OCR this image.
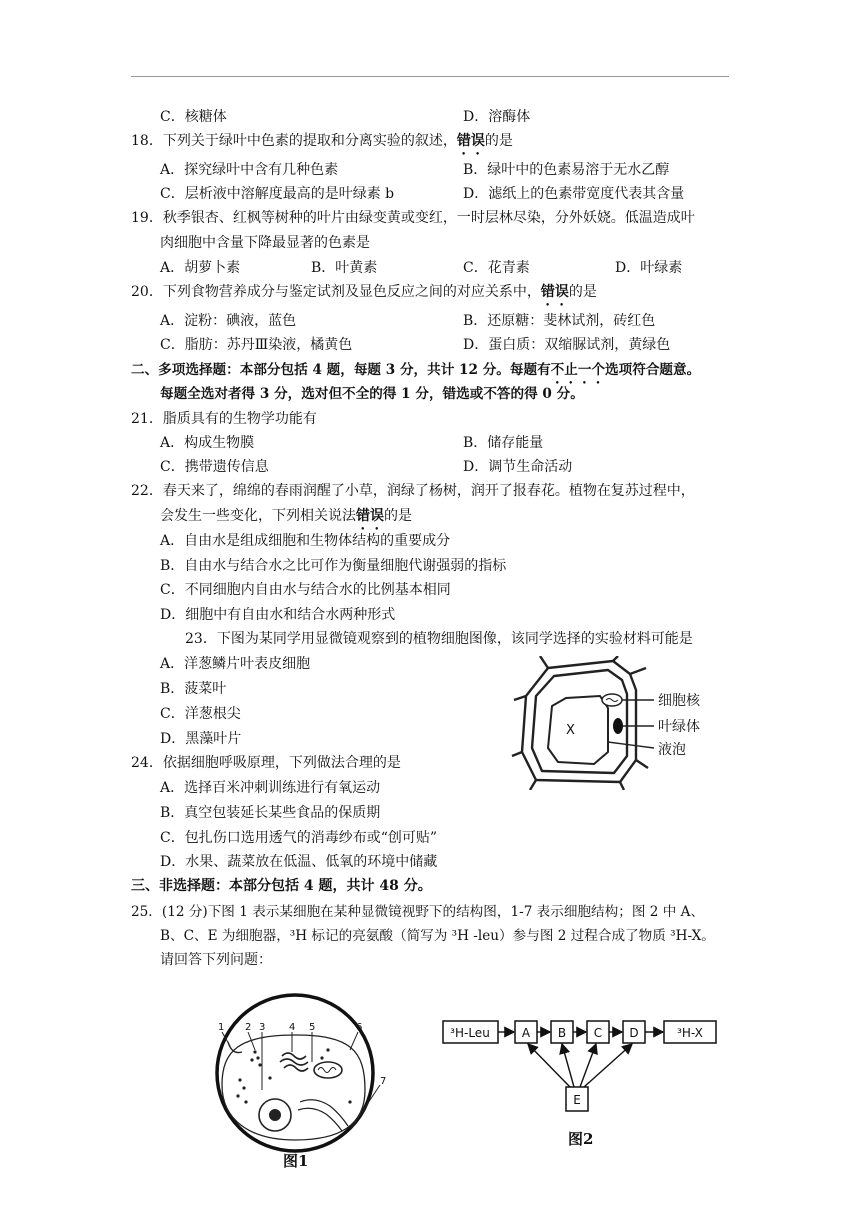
C．核糖体	D．溶酶体
18．下列关于绿叶中色素的提取和分离实验的叙述，错误的是
A．探究绿叶中含有几种色素	B．绿叶中的色素易溶于无水乙醇
C．层析液中溶解度最高的是叶绿素 b	D．滤纸上的色素带宽度代表其含量
19．秋季银杏、红枫等树种的叶片由绿变黄或变红，一时层林尽染，分外妖娆。低温造成叶
肉细胞中含量下降最显著的色素是
A．胡萝卜素	B．叶黄素	C．花青素	D．叶绿素
20．下列食物营养成分与鉴定试剂及显色反应之间的对应关系中，错误的是
A．淀粉：碘液，蓝色	B．还原糖：斐林试剂，砖红色
C．脂肪：苏丹Ⅲ染液，橘黄色	D．蛋白质：双缩脲试剂，黄绿色
二、多项选择题：本部分包括 4 题，每题 3 分，共计 12 分。每题有不止一个选项符合题意。
每题全选对者得 3 分，选对但不全的得 1 分，错选或不答的得 0 分。
21．脂质具有的生物学功能有
A．构成生物膜	B．储存能量
C．携带遗传信息	D．调节生命活动
22．春天来了，绵绵的春雨润醒了小草，润绿了杨树，润开了报春花。植物在复苏过程中，
会发生一些变化，下列相关说法错误的是
A．自由水是组成细胞和生物体结构的重要成分
B．自由水与结合水之比可作为衡量细胞代谢强弱的指标
C．不同细胞内自由水与结合水的比例基本相同
D．细胞中有自由水和结合水两种形式
23．下图为某同学用显微镜观察到的植物细胞图像，该同学选择的实验材料可能是
A．洋葱鳞片叶表皮细胞
B．菠菜叶
C．洋葱根尖
D．黑藻叶片
X
细胞核
叶绿体
液泡
24．依据细胞呼吸原理，下列做法合理的是
A．选择百米冲刺训练进行有氧运动
B．真空包装延长某些食品的保质期
C．包扎伤口选用透气的消毒纱布或“创可贴”
D．水果、蔬菜放在低温、低氧的环境中储藏
三、非选择题：本部分包括 4 题，共计 48 分。
25．(12 分)下图 1 表示某细胞在某种显微镜视野下的结构图，1-7 表示细胞结构；图 2 中 A、
B、C、E 为细胞器，³H 标记的亮氨酸（简写为 ³H -leu）参与图 2 过程合成了物质 ³H-X。
请回答下列问题：
1 2 3 4 5	6
7
图1
³H-Leu	A B C D	³H-X
E
图2
